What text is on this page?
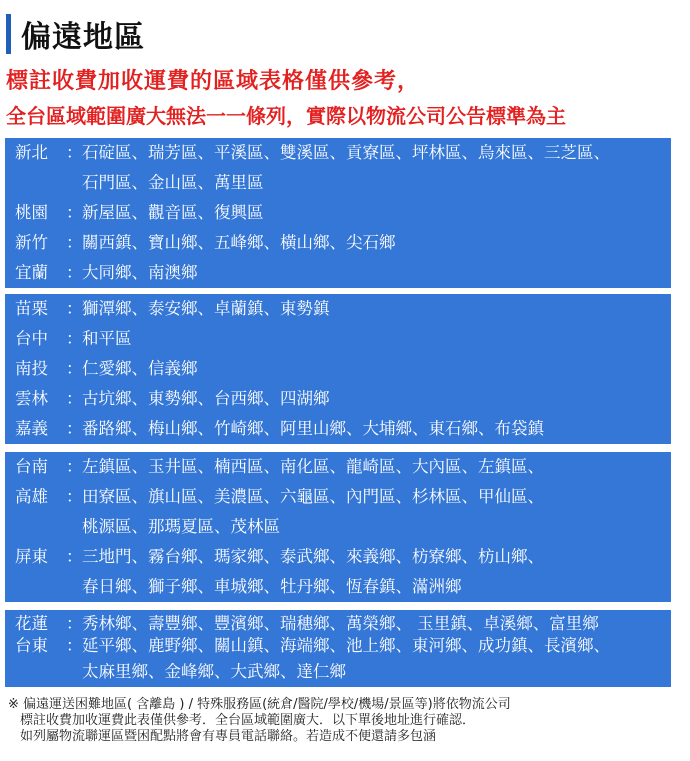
偏遠地區
標註收費加收運費的區域表格僅供參考，
全台區域範圍廣大無法一一條列，實際以物流公司公告標準為主
新北	： 石碇區、瑞芳區、平溪區、雙溪區、貢寮區、坪林區、烏來區、三芝區、
石門區、金山區、萬里區
桃園	： 新屋區、觀音區、復興區
新竹	： 關西鎮、寶山鄉、五峰鄉、橫山鄉、尖石鄉
宜蘭	： 大同鄉、南澳鄉
苗栗	： 獅潭鄉、泰安鄉、卓蘭鎮、東勢鎮
台中	： 和平區
南投	： 仁愛鄉、信義鄉
雲林	： 古坑鄉、東勢鄉、台西鄉、四湖鄉
嘉義	： 番路鄉、梅山鄉、竹崎鄉、阿里山鄉、大埔鄉、東石鄉、布袋鎮
台南	： 左鎮區、玉井區、楠西區、南化區、龍崎區、大內區、左鎮區、
高雄	： 田寮區、旗山區、美濃區、六龜區、內門區、杉林區、甲仙區、
桃源區、那瑪夏區、茂林區
屏東	： 三地門、霧台鄉、瑪家鄉、泰武鄉、來義鄉、枋寮鄉、枋山鄉、
春日鄉、獅子鄉、車城鄉、牡丹鄉、恆春鎮、滿洲鄉
花蓮	： 秀林鄉、壽豐鄉、豐濱鄉、瑞穗鄉、萬榮鄉、 玉里鎮、卓溪鄉、富里鄉
台東	： 延平鄉、鹿野鄉、關山鎮、海端鄉、池上鄉、東河鄉、成功鎮、長濱鄉、
太麻里鄉、金峰鄉、大武鄉、達仁鄉
※ 偏遠運送困難地區( 含離島 ) / 特殊服務區(統倉/醫院/學校/機場/景區等)將依物流公司
標註收費加收運費此表僅供參考．全台區域範圍廣大．以下單後地址進行確認．
如列屬物流聯運區暨困配點將會有專員電話聯絡。若造成不便還請多包涵
